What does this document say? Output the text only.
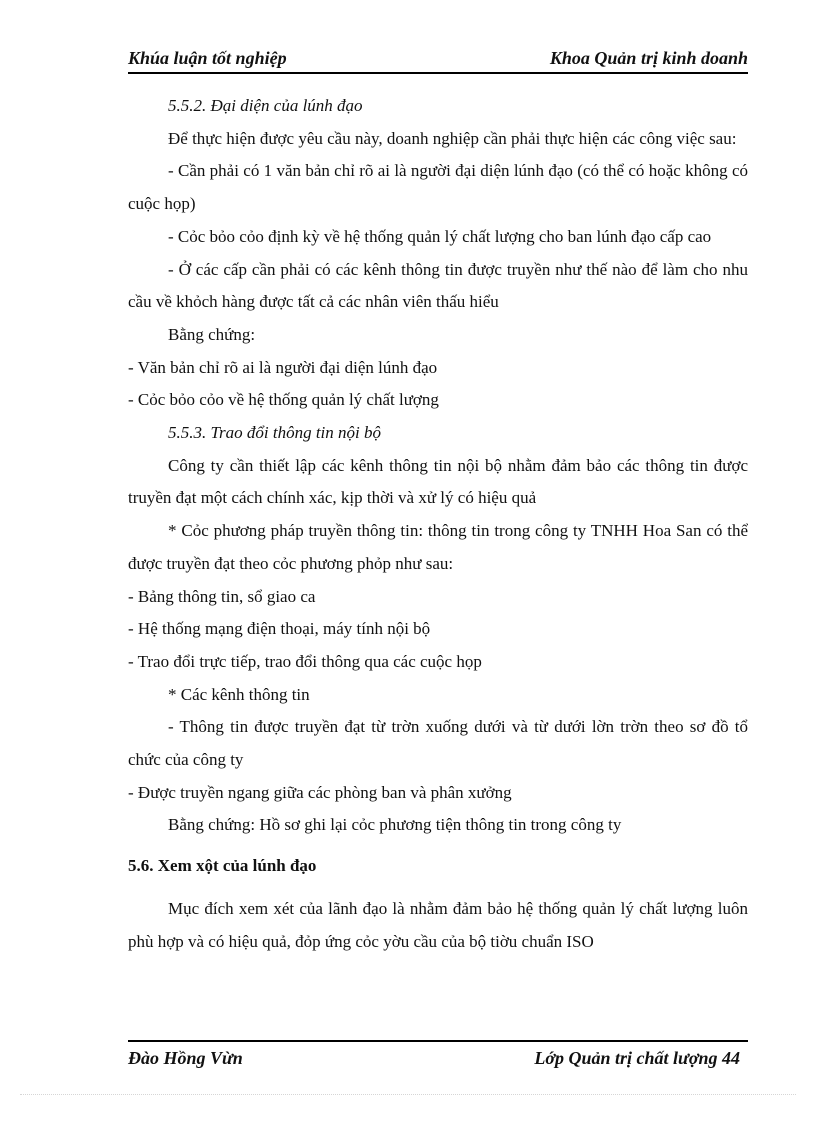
Khúa luận tốt nghiệp	Khoa Quản trị kinh doanh

5.5.2. Đại diện của lúnh đạo

Để thực hiện được yêu cầu này, doanh nghiệp cần phải thực hiện các công việc sau:

- Cần phải có 1 văn bản chỉ rõ ai là người đại diện lúnh đạo (có thể có hoặc không có cuộc họp)

- Cỏc bỏo cỏo định kỳ về hệ thống quản lý chất lượng cho ban lúnh đạo cấp cao

- Ở các cấp cần phải có các kênh thông tin được truyền như thế nào để làm cho nhu cầu về khỏch hàng được tất cả các nhân viên thấu hiểu

Bằng chứng:

- Văn bản chỉ rõ ai là người đại diện lúnh đạo

- Cỏc bỏo cỏo về hệ thống quản lý chất lượng

5.5.3. Trao đổi thông tin nội bộ

Công ty cần thiết lập các kênh thông tin nội bộ nhằm đảm bảo các thông tin được truyền đạt một cách chính xác, kịp thời và xử lý có hiệu quả

* Cỏc phương pháp truyền thông tin: thông tin trong công ty TNHH Hoa San có thể được truyền đạt theo cỏc phương phỏp như sau:

- Bảng thông tin, sổ giao ca

- Hệ thống mạng điện thoại, máy tính nội bộ

- Trao đổi trực tiếp, trao đổi thông qua các cuộc họp

* Các kênh thông tin

- Thông tin được truyền đạt từ trờn xuống dưới và từ dưới lờn trờn theo sơ đồ tổ chức của công ty

- Được truyền ngang giữa các phòng ban và phân xưởng

Bằng chứng: Hồ sơ ghi lại cỏc phương tiện thông tin trong công ty

5.6. Xem xột của lúnh đạo

Mục đích xem xét của lãnh đạo là nhằm đảm bảo hệ thống quản lý chất lượng luôn phù hợp và có hiệu quả, đỏp ứng cỏc yờu cầu của bộ tiờu chuẩn ISO

Đào Hồng Vừn	Lớp Quản trị chất lượng 44
